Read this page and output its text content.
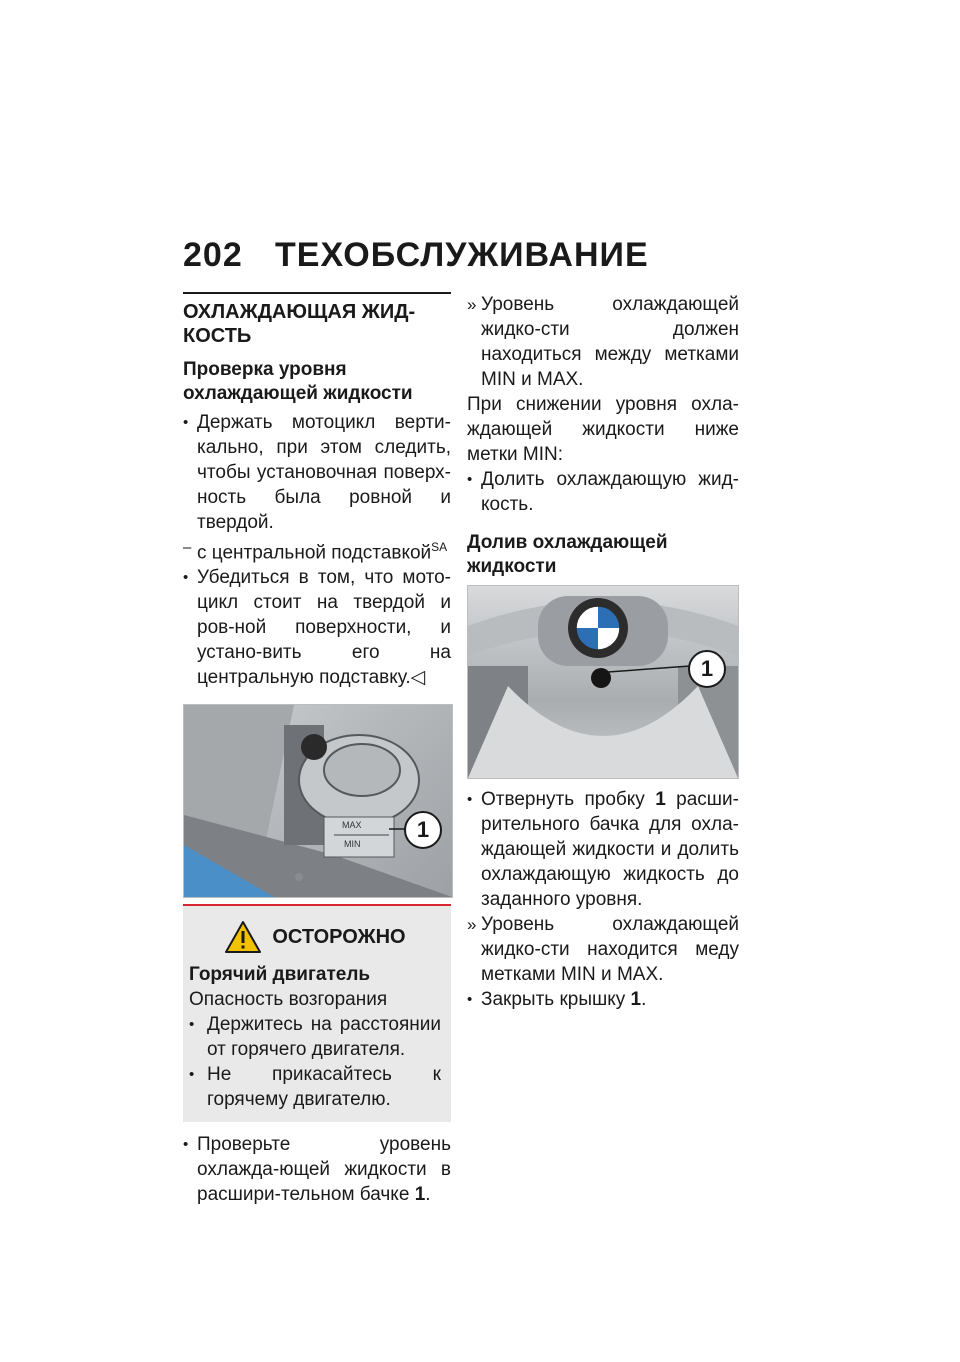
202 ТЕХОБСЛУЖИВАНИЕ
ОХЛАЖДАЮЩАЯ ЖИД-КОСТЬ
Проверка уровня охлаждающей жидкости
• Держать мотоцикл верти-кально, при этом следить, чтобы установочная поверх-ность была ровной и твердой.
– с центральной подставкой$^{SA}$
• Убедиться в том, что мото-цикл стоит на твердой и ров-ной поверхности, и устано-вить его на центральную подставку.◁
MAX
MIN
1
ОСТОРОЖНО
Горячий двигатель
Опасность возгорания
• Держитесь на расстоянии от горячего двигателя.
• Не прикасайтесь к горячему двигателю.
• Проверьте уровень охлажда-ющей жидкости в расшири-тельном бачке 1.
» Уровень охлаждающей жидко-сти должен находиться между метками MIN и MAX.
При снижении уровня охла-ждающей жидкости ниже метки MIN:
• Долить охлаждающую жид-кость.
Долив охлаждающей жидкости
1
• Отвернуть пробку 1 расши-рительного бачка для охла-ждающей жидкости и долить охлаждающую жидкость до заданного уровня.
» Уровень охлаждающей жидко-сти находится меду метками MIN и MAX.
• Закрыть крышку 1.
